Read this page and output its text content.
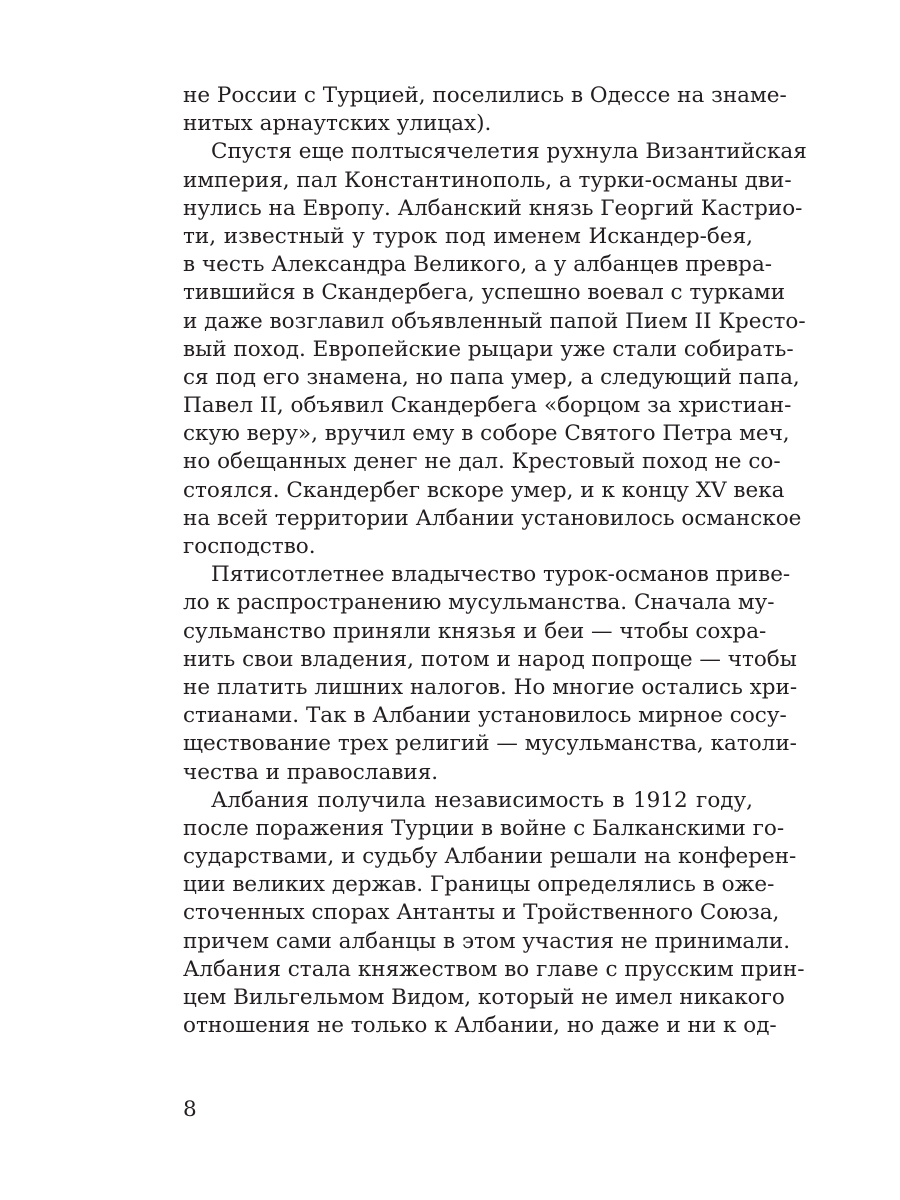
не России с Турцией, поселились в Одессе на знаме-
нитых арнаутских улицах).
Спустя еще полтысячелетия рухнула Византийская
империя, пал Константинополь, а турки-османы дви-
нулись на Европу. Албанский князь Георгий Кастрио-
ти, известный у турок под именем Искандер-бея,
в честь Александра Великого, а у албанцев превра-
тившийся в Скандербега, успешно воевал с турками
и даже возглавил объявленный папой Пием II Кресто-
вый поход. Европейские рыцари уже стали собирать-
ся под его знамена, но папа умер, а следующий папа,
Павел II, объявил Скандербега «борцом за христиан-
скую веру», вручил ему в соборе Святого Петра меч,
но обещанных денег не дал. Крестовый поход не со-
стоялся. Скандербег вскоре умер, и к концу XV века
на всей территории Албании установилось османское
господство.
Пятисотлетнее владычество турок-османов приве-
ло к распространению мусульманства. Сначала му-
сульманство приняли князья и беи — чтобы сохра-
нить свои владения, потом и народ попроще — чтобы
не платить лишних налогов. Но многие остались хри-
стианами. Так в Албании установилось мирное сосу-
ществование трех религий — мусульманства, католи-
чества и православия.
Албания получила независимость в 1912 году,
после поражения Турции в войне с Балканскими го-
сударствами, и судьбу Албании решали на конферен-
ции великих держав. Границы определялись в оже-
сточенных спорах Антанты и Тройственного Союза,
причем сами албанцы в этом участия не принимали.
Албания стала княжеством во главе с прусским прин-
цем Вильгельмом Видом, который не имел никакого
отношения не только к Албании, но даже и ни к од-
8
